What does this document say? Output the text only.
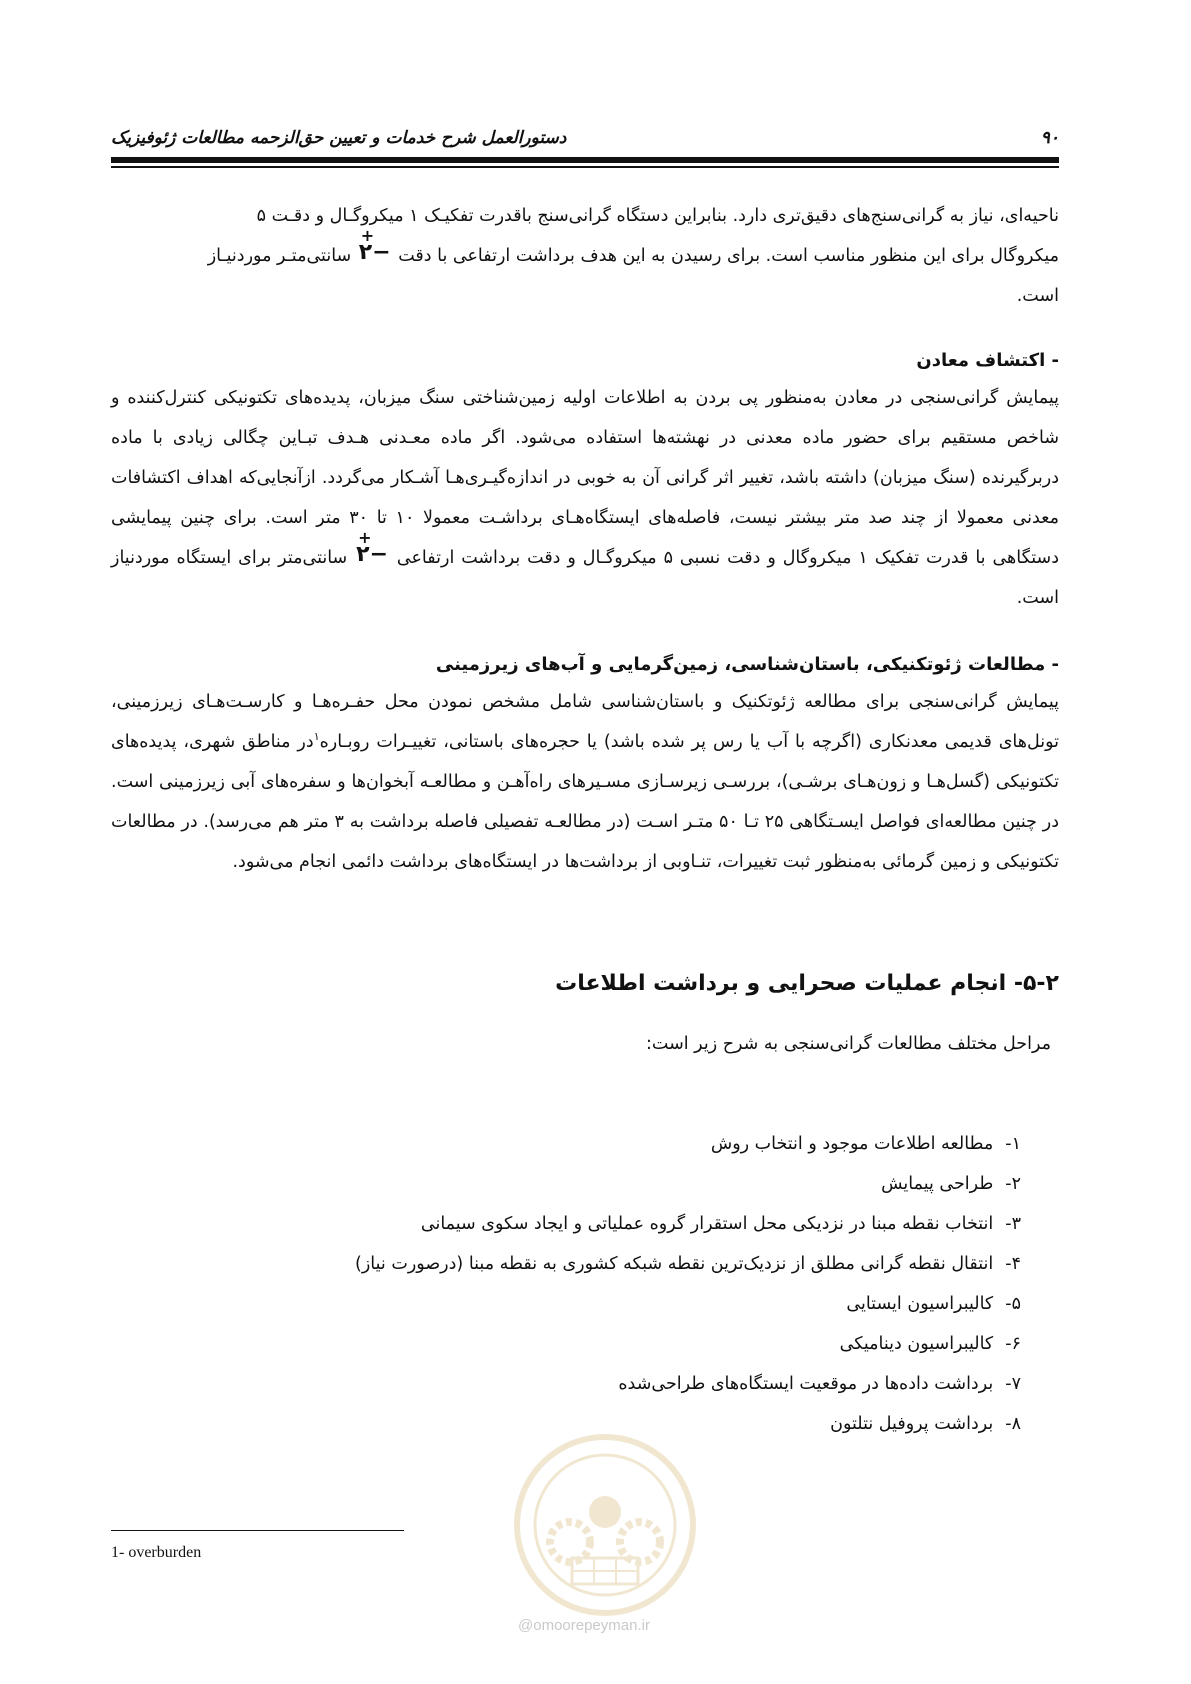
۹۰
دستورالعمل شرح خدمات و تعیین حق‌الزحمه مطالعات ژئوفیزیک
ناحیه‌ای، نیاز به گرانی‌سنج‌های دقیق‌تری دارد. بنابراین دستگاه گرانی‌سنج باقدرت تفکیـک ۱ میکروگـال و دقـت ۵
میکروگال برای این منظور مناسب است. برای رسیدن به این هدف برداشت ارتفاعی با دقت
+
−۲ سانتی‌متـر موردنیـاز
است.
- اکتشاف معادن
پیمایش گرانی‌سنجی در معادن به‌منظور پی بردن به اطلاعات اولیه زمین‌شناختی سنگ میزبان، پدیده‌های تکتونیکی کنترل‌کننده و شاخص مستقیم برای حضور ماده معدنی در نهشته‌ها استفاده می‌شود. اگر ماده معـدنی هـدف تبـاین چگالی زیادی با ماده دربرگیرنده (سنگ میزبان) داشته باشد، تغییر اثر گرانی آن به خوبی در اندازه‌گیـری‌هـا آشـکار می‌گردد. ازآنجایی‌که اهداف اکتشافات معدنی معمولا از چند صد متر بیشتر نیست، فاصله‌های ایستگاه‌هـای برداشـت معمولا ۱۰ تا ۳۰ متر است. برای چنین پیمایشی دستگاهی با قدرت تفکیک ۱ میکروگال و دقت نسبی ۵ میکروگـال و دقت برداشت ارتفاعی
+
−۲ سانتی‌متر برای ایستگاه موردنیاز است.
- مطالعات ژئوتکنیکی، باستان‌شناسی، زمین‌گرمایی و آب‌های زیرزمینی
پیمایش گرانی‌سنجی برای مطالعه ژئوتکنیک و باستان‌شناسی شامل مشخص نمودن محل حفـره‌هـا و کارسـت‌هـای زیرزمینی، تونل‌های قدیمی معدنکاری (اگرچه با آب یا رس پر شده باشد) یا حجره‌های باستانی، تغییـرات روبـاره$^۱$در مناطق شهری، پدیده‌های تکتونیکی (گسل‌هـا و زون‌هـای برشـی)، بررسـی زیرسـازی مسـیرهای راه‌آهـن و مطالعـه آبخوان‌ها و سفره‌های آبی زیرزمینی است. در چنین مطالعه‌ای فواصل ایسـتگاهی ۲۵ تـا ۵۰ متـر اسـت (در مطالعـه تفصیلی فاصله برداشت به ۳ متر هم می‌رسد). در مطالعات تکتونیکی و زمین گرمائی به‌منظور ثبت تغییرات، تنـاوبی از برداشت‌ها در ایستگاه‌های برداشت دائمی انجام می‌شود.
۵-۲- انجام عملیات صحرایی و برداشت اطلاعات
مراحل مختلف مطالعات گرانی‌سنجی به شرح زیر است:
۱-
مطالعه اطلاعات موجود و انتخاب روش
۲-
طراحی پیمایش
۳-
انتخاب نقطه مبنا در نزدیکی محل استقرار گروه عملیاتی و ایجاد سکوی سیمانی
۴-
انتقال نقطه گرانی مطلق از نزدیک‌ترین نقطه شبکه کشوری به نقطه مبنا (درصورت نیاز)
۵-
کالیبراسیون ایستایی
۶-
کالیبراسیون دینامیکی
۷-
برداشت داده‌ها در موقعیت ایستگاه‌های طراحی‌شده
۸-
برداشت پروفیل نتلتون
@omoorepeyman.ir
1- overburden
